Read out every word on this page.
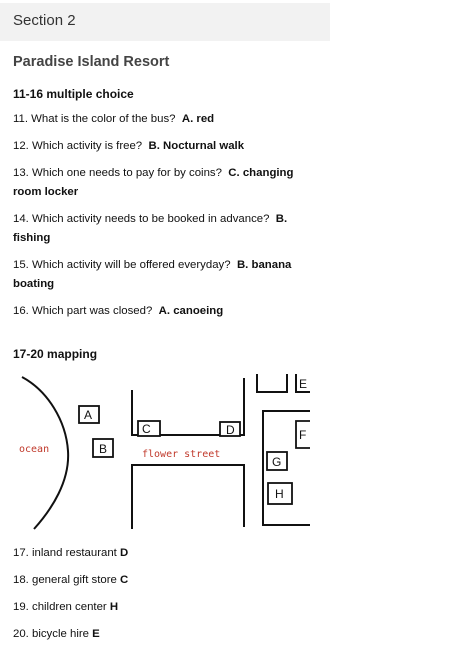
Section 2
Paradise Island Resort
11-16 multiple choice
11. What is the color of the bus? A. red
12. Which activity is free? B. Nocturnal walk
13. Which one needs to pay for by coins? C. changing room locker
14. Which activity needs to be booked in advance? B. fishing
15. Which activity will be offered everyday? B. banana boating
16. Which part was closed? A. canoeing
17-20 mapping
ocean
A
B
C	D
flower street
E
F
G
H
17. inland restaurant D
18. general gift store C
19. children center H
20. bicycle hire E
